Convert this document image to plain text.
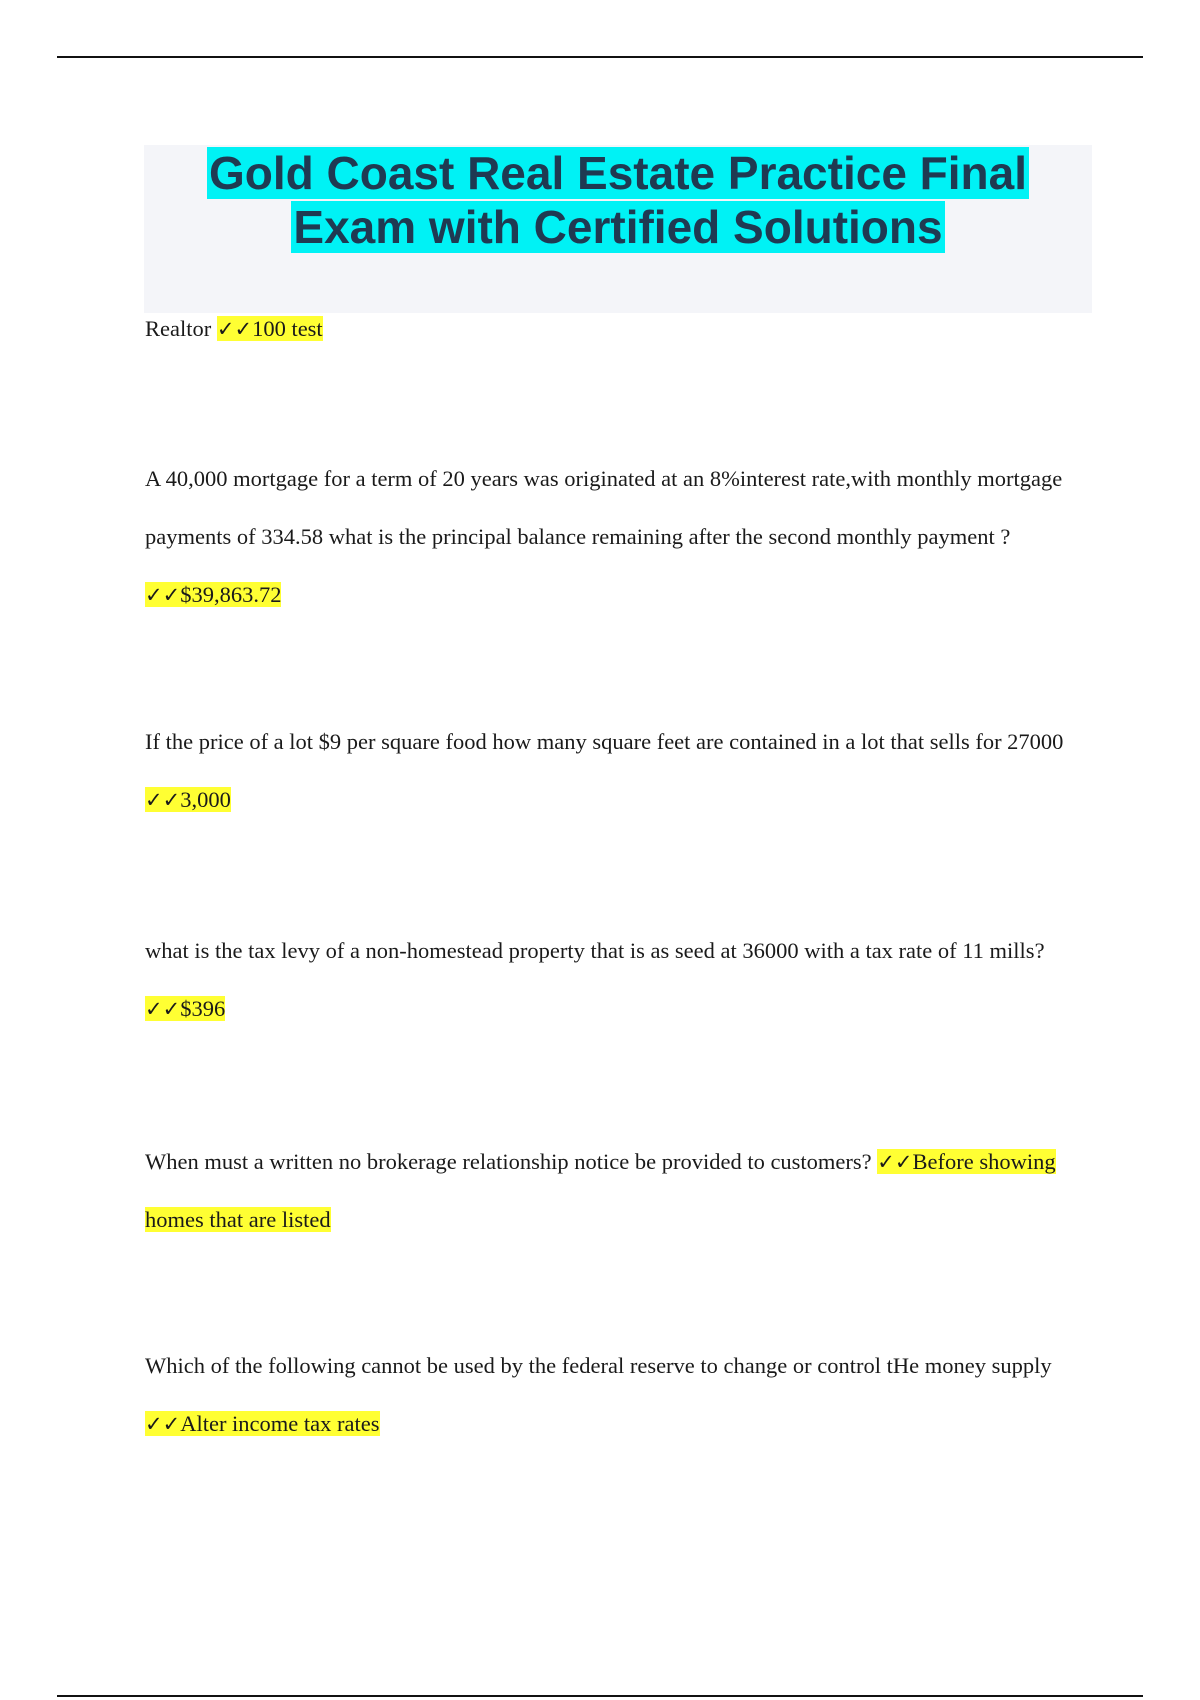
Gold Coast Real Estate Practice Final
Exam with Certified Solutions

Realtor ✓✓100 test

A 40,000 mortgage for a term of 20 years was originated at an 8%interest rate,with monthly mortgage payments of 334.58 what is the principal balance remaining after the second monthly payment ? ✓✓$39,863.72

If the price of a lot $9 per square food how many square feet are contained in a lot that sells for 27000 ✓✓3,000

what is the tax levy of a non-homestead property that is as seed at 36000 with a tax rate of 11 mills? ✓✓$396

When must a written no brokerage relationship notice be provided to customers? ✓✓Before showing homes that are listed

Which of the following cannot be used by the federal reserve to change or control tHe money supply ✓✓Alter income tax rates
